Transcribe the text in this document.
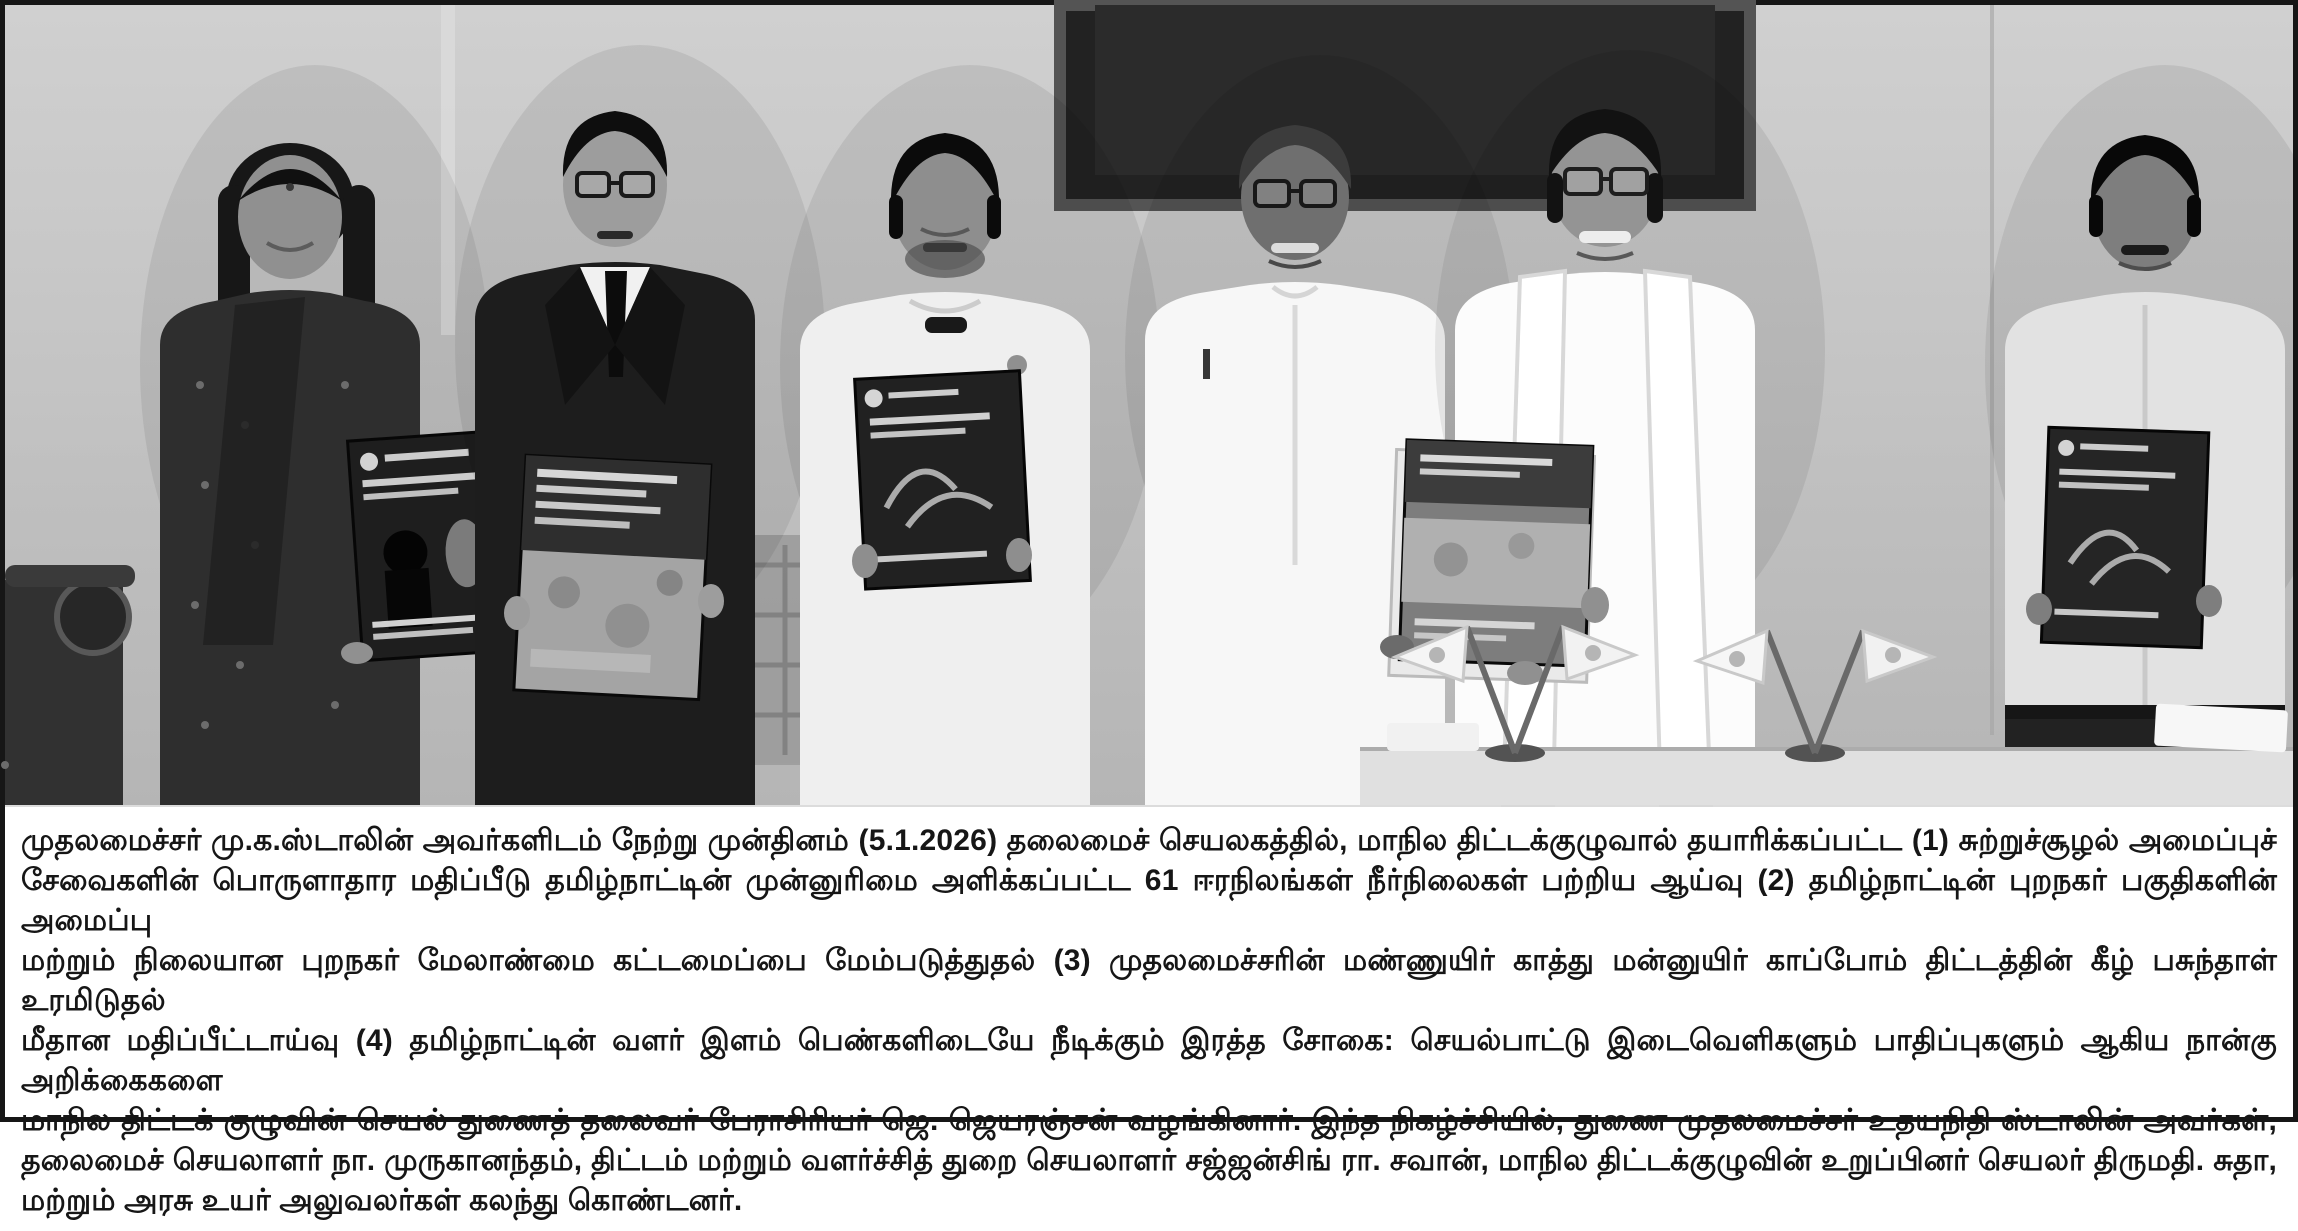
முதலமைச்சர் மு.க.ஸ்டாலின் அவர்களிடம் நேற்று முன்தினம் (5.1.2026) தலைமைச் செயலகத்தில், மாநில திட்டக்குழுவால் தயாரிக்கப்பட்ட (1) சுற்றுச்சூழல் அமைப்புச்
சேவைகளின் பொருளாதார மதிப்பீடு தமிழ்நாட்டின் முன்னுரிமை அளிக்கப்பட்ட 61 ஈரநிலங்கள் நீர்நிலைகள் பற்றிய ஆய்வு (2) தமிழ்நாட்டின் புறநகர் பகுதிகளின் அமைப்பு
மற்றும் நிலையான புறநகர் மேலாண்மை கட்டமைப்பை மேம்படுத்துதல் (3) முதலமைச்சரின் மண்ணுயிர் காத்து மன்னுயிர் காப்போம் திட்டத்தின் கீழ் பசுந்தாள் உரமிடுதல்
மீதான மதிப்பீட்டாய்வு (4) தமிழ்நாட்டின் வளர் இளம் பெண்களிடையே நீடிக்கும் இரத்த சோகை: செயல்பாட்டு இடைவெளிகளும் பாதிப்புகளும் ஆகிய நான்கு அறிக்கைகளை
மாநில திட்டக் குழுவின் செயல் துணைத் தலைவர் பேராசிரியர் ஜெ. ஜெயரஞ்சன் வழங்கினார். இந்த நிகழ்ச்சியில், துணை முதலமைச்சர் உதயநிதி ஸ்டாலின் அவர்கள்,
தலைமைச் செயலாளர் நா. முருகானந்தம், திட்டம் மற்றும் வளர்ச்சித் துறை செயலாளர் சஜ்ஜன்சிங் ரா. சவான், மாநில திட்டக்குழுவின் உறுப்பினர் செயலர் திருமதி. சுதா,
மற்றும் அரசு உயர் அலுவலர்கள் கலந்து கொண்டனர்.
